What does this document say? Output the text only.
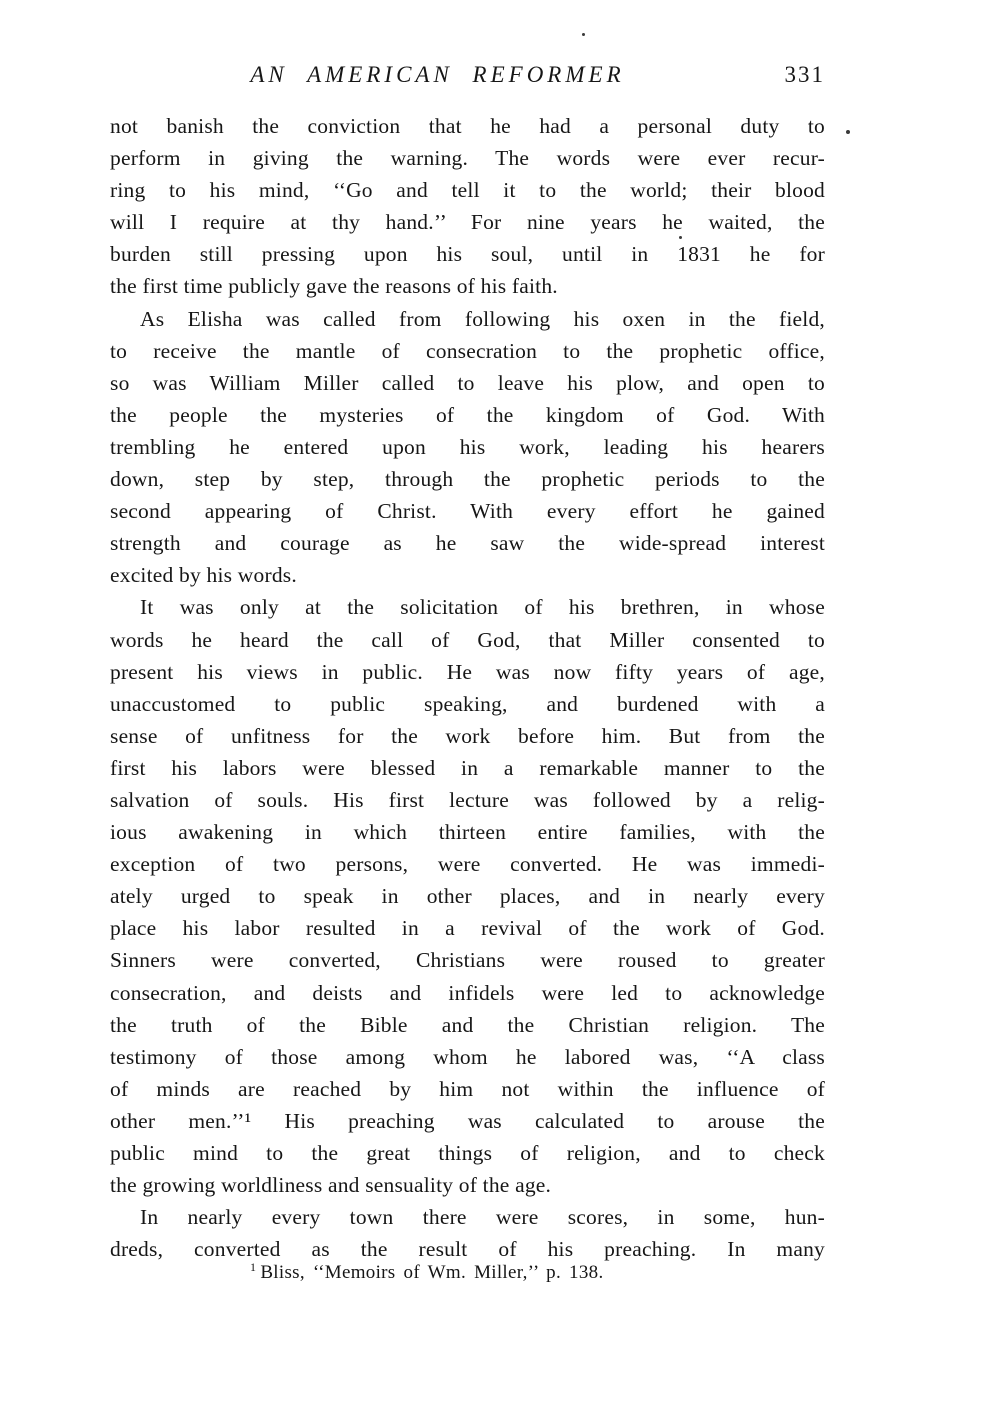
AN AMERICAN REFORMER	331
not banish the conviction that he had a personal duty to
perform in giving the warning. The words were ever recur-
ring to his mind, ‘‘Go and tell it to the world; their blood
will I require at thy hand.’’ For nine years he waited, the
burden still pressing upon his soul, until in 1831 he for
the first time publicly gave the reasons of his faith.
As Elisha was called from following his oxen in the field,
to receive the mantle of consecration to the prophetic office,
so was William Miller called to leave his plow, and open to
the people the mysteries of the kingdom of God. With
trembling he entered upon his work, leading his hearers
down, step by step, through the prophetic periods to the
second appearing of Christ. With every effort he gained
strength and courage as he saw the wide-spread interest
excited by his words.
It was only at the solicitation of his brethren, in whose
words he heard the call of God, that Miller consented to
present his views in public. He was now fifty years of age,
unaccustomed to public speaking, and burdened with a
sense of unfitness for the work before him. But from the
first his labors were blessed in a remarkable manner to the
salvation of souls. His first lecture was followed by a relig-
ious awakening in which thirteen entire families, with the
exception of two persons, were converted. He was immedi-
ately urged to speak in other places, and in nearly every
place his labor resulted in a revival of the work of God.
Sinners were converted, Christians were roused to greater
consecration, and deists and infidels were led to acknowledge
the truth of the Bible and the Christian religion. The
testimony of those among whom he labored was, ‘‘A class
of minds are reached by him not within the influence of
other men.’’¹ His preaching was calculated to arouse the
public mind to the great things of religion, and to check
the growing worldliness and sensuality of the age.
In nearly every town there were scores, in some, hun-
dreds, converted as the result of his preaching. In many
$^1$ Bliss, ‘‘Memoirs of Wm. Miller,’’ p. 138.
